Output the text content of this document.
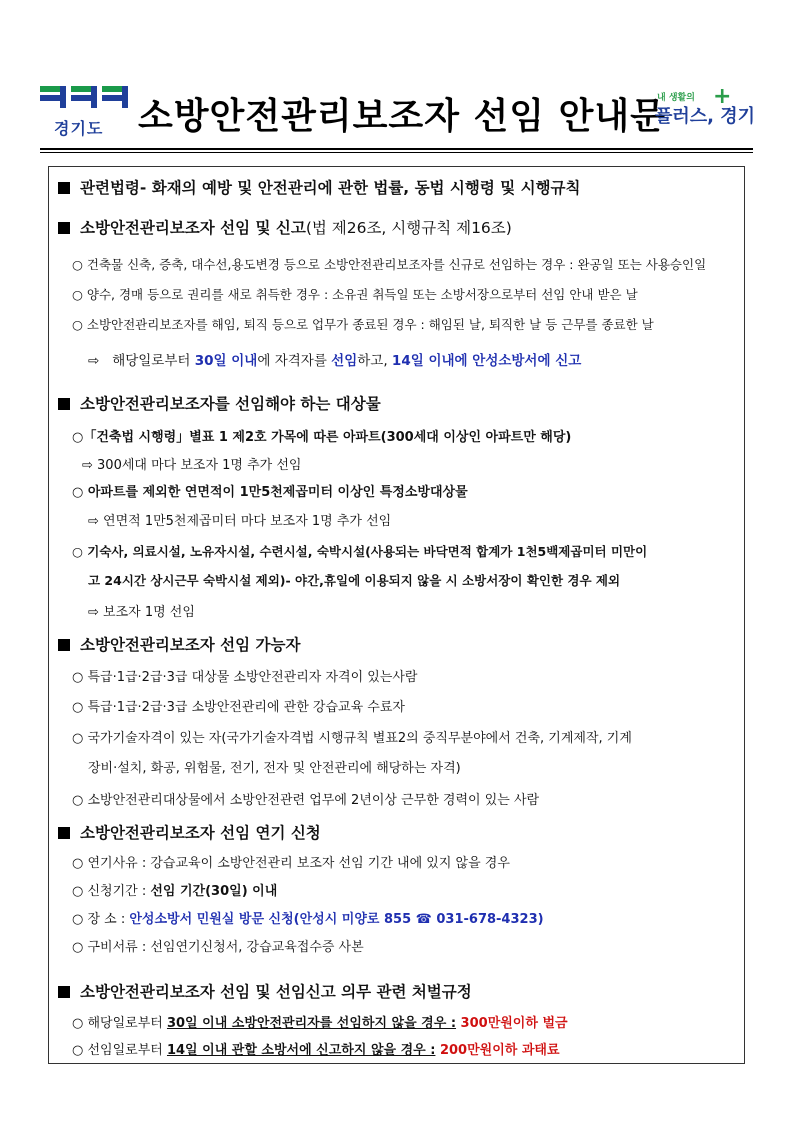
경기도 소방안전관리보조자 선임 안내문
내 생활의
플러스, 경기
+
관련법령- 화재의 예방 및 안전관리에 관한 법률, 동법 시행령 및 시행규칙
소방안전관리보조자 선임 및 신고(법 제26조, 시행규칙 제16조)
○ 건축물 신축, 증축, 대수선,용도변경 등으로 소방안전관리보조자를 신규로 선임하는 경우 : 완공일 또는 사용승인일
○ 양수, 경매 등으로 권리를 새로 취득한 경우 : 소유권 취득일 또는 소방서장으로부터 선임 안내 받은 날
○ 소방안전관리보조자를 해임, 퇴직 등으로 업무가 종료된 경우 : 해임된 날, 퇴직한 날 등 근무를 종료한 날
⇨ 해당일로부터 30일 이내에 자격자를 선임하고, 14일 이내에 안성소방서에 신고
소방안전관리보조자를 선임해야 하는 대상물
○「건축법 시행령」별표 1 제2호 가목에 따른 아파트(300세대 이상인 아파트만 해당)
⇨ 300세대 마다 보조자 1명 추가 선임
○ 아파트를 제외한 연면적이 1만5천제곱미터 이상인 특정소방대상물
⇨ 연면적 1만5천제곱미터 마다 보조자 1명 추가 선임
○ 기숙사, 의료시설, 노유자시설, 수련시설, 숙박시설(사용되는 바닥면적 합계가 1천5백제곱미터 미만이
고 24시간 상시근무 숙박시설 제외)- 야간,휴일에 이용되지 않을 시 소방서장이 확인한 경우 제외
⇨ 보조자 1명 선임
소방안전관리보조자 선임 가능자
○ 특급·1급·2급·3급 대상물 소방안전관리자 자격이 있는사람
○ 특급·1급·2급·3급 소방안전관리에 관한 강습교육 수료자
○ 국가기술자격이 있는 자(국가기술자격법 시행규칙 별표2의 중직무분야에서 건축, 기계제작, 기계
장비·설치, 화공, 위험물, 전기, 전자 및 안전관리에 해당하는 자격)
○ 소방안전관리대상물에서 소방안전관련 업무에 2년이상 근무한 경력이 있는 사람
소방안전관리보조자 선임 연기 신청
○ 연기사유 : 강습교육이 소방안전관리 보조자 선임 기간 내에 있지 않을 경우
○ 신청기간 : 선임 기간(30일) 이내
○ 장 소 : 안성소방서 민원실 방문 신청(안성시 미양로 855 ☎ 031-678-4323)
○ 구비서류 : 선임연기신청서, 강습교육접수증 사본
소방안전관리보조자 선임 및 선임신고 의무 관련 처벌규정
○ 해당일로부터 30일 이내 소방안전관리자를 선임하지 않을 경우 : 300만원이하 벌금
○ 선임일로부터 14일 이내 관할 소방서에 신고하지 않을 경우 : 200만원이하 과태료
